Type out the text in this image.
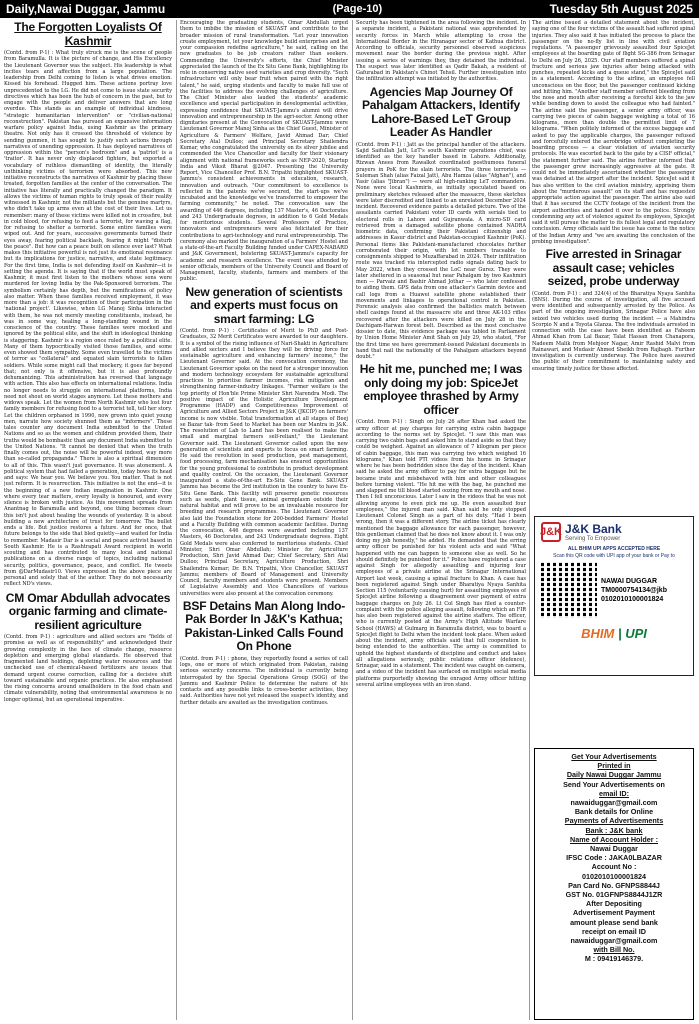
Daily,Nawai Duggar, Jammu	(Page-10)	Tuesday 5th August 2025
The Forgotten Loyalists Of Kashmir

(Contd. from P-1) : What truly struck me is the scene of people from Baramulla. It is the picture of change, and His Excellency the Lieutenant Governor was the subject. His leadership is what incites tears and affection from a large population. The leadership from Delhi coming to listen is what drives emotion. Kissed his forehead. Hugged him. These actions portray love unprecedented to the LG. He did not come to issue state security directives which has been the hub of concern in the past, but to engage with the people and deliver answers that are long overdue. This stands as an example of individual kindness, "strategic humanitarian intervention" or "civilian-national reconstruction". Pakistan has pursued an expansive information warfare policy against India, using Kashmir as the primary theatre. Not only has it crossed the threshold of violence by sending gunmen, it has sought to justify such actions through narratives of unending oppression. It has deployed narratives of oppression within the "person's bedroom" and a 'patriot' is a 'traitor'. It has never only displaced fighters, but exported a vocabulary of ruthless dismantling of identity, the literally unthinking victims of terrorism were absorbed. This new initiative reconstructs the narratives of Kashmir by placing these treated, forgotten families at the center of the conversation. The initiative has literally and practically changed the paradigm. It allows the victims of human rights to truly speak of their reality witnessed in Kashmir, not the militants but the genuine martyrs, who didn't take up arms even at the cost of their lives. Let us remember: many of these victims were killed not in crossfire, but in cold blood, for refusing to feed a terrorist, for waving a flag, for refusing to shelter a terrorist. Some entire families were wiped out. And for years, successive governments turned their eyes away, fearing political backlash, fearing it might "disturb the peace". But how can a peace built on silence ever last? What makes this initiative powerful is not just its emotional resonance but its implications for justice, narrative, and state legitimacy. For the first time, India is not defending itself on Kashmir—it is setting the agenda. It is saying that if the world must speak of Kashmir, it must first listen to the mothers whose sons were murdered for loving India by the Pak-Sponsored terrorism. The symbolism certainly has depth, but the ramifications of policy also matter. When these families received employment, it was more than a job: it was recognition of their participation in the 'national project'. Likewise, when LG Manoj Sinha interacted with them, he was not merely meeting constituents, instead, he was in some way, healing a long-standing wound in the conscience of the country. These families were mocked and ignored by the political elite, and the shift in ideological thinking is staggering. Kashmir is a region once ruled by a political elite. Many of them hypocritically visited those families, and some even showed them sympathy. Some even travelled to the victims of terror as "collateral" and equated slain terrorists to fallen soldiers. While some might call that mockery, it goes far beyond that; not only is it offensive, but it is also profoundly dehumanizing. This administration has reversed that language with action. This also has effects on international relations. India no longer needs to struggle on international platforms, India need not shout on world stages anymore. Let these mothers and widows speak. Let the women from North Kashmir who lost four family members for refusing food to a terrorist tell, tell her story. Let the children orphaned in 1990, now grown into quiet young men, narrate how society shunned them as "informers". These tales counter any document India submitted to the United Nations and so as the women and children provided them, their truths would be bombastic than any document India submitted to the United Nations. "It cannot be denied that when the truth finally comes out, the noise will be powerful indeed, way more than so-called propaganda." There is also a spiritual dimension to all of this. This wasn't just governance. It was atonement. A political system that had failed a generation, today bows its head and says: We hear you. We believe you. You matter. That is not just reform. It is resurrection. This initiative is not the end—it is the beginning of a new Indian imagination in Kashmir. One where every tear matters, every loyalty is honoured, and every silence is broken with justice. As this movement spreads from Anantnag to Baramulla and beyond, one thing becomes clear: this isn't just about healing the wounds of yesterday. It is about building a new architecture of trust for tomorrow. The bullet ends a life. But justice restores a future. And for once, that future belongs to the side that bled quietly—and waited for India to remember. Madasir Dar is a social and peace activist based in South Kashmir. He is a Rashtrapati Award recipient in world scouting and has contributed to many local and national publications on a diverse range of topics, including national security, politics, governance, peace, and conflict. He tweets from @DarMudasir10. Views expressed in the above piece are personal and solely that of the author. They do not necessarily reflect ND's views.

CM Omar Abdullah advocates organic farming and climate-resilient agriculture

(Contd. from P-1) : agriculture and allied sectors are "fields of promise as well as of responsibility" and acknowledged their growing complexity in the face of climate change, resource depletion and emerging global standards. He observed that fragmented land holdings, depleting water resources and the unchecked use of chemical-based fertilizers are issues that demand urgent course correction, calling for a decisive shift toward sustainable and organic practices. He also emphasised the rising concerns around smallholders in the food chain and climate vulnerability, noting that environmental awareness is no longer optional, but an operational imperative.

Encouraging the graduating students, Omar Abdullah urged them to imbibe the mission of SKUAST and contribute to the broader mission of rural transformation. "Let your innovation create employment, let your knowledge build enterprises and let your compassion redefine agriculture," he said, calling on the new graduates to be job creators rather than seekers. Commending the University's efforts, the Chief Minister appreciated the launch of the Ex Situ Gene Bank, highlighting its role in conserving native seed varieties and crop diversity. "Such infrastructure will only bear fruit when paired with the right talent," he said, urging students and faculty to make full use of the facilities to address the evolving challenges of agriculture. The Chief Minister also lauded the students' academic excellence and special participation in developmental activities, expressing confidence that SKUAST-Jammu's alumni will drive innovation and entrepreneurship in the agri-sector. Among other dignitaries present at the Convocation of SKUAST-Jammu were Lieutenant Governor Manoj Sinha as the Chief Guest, Minister of Agriculture & Farmers' Welfare, Javid Ahmad Dar; Chief Secretary Atal Dulloo; and Principal Secretary Shailendra Kumar, who congratulated the university on its silver jubilee and commended the Vice Chancellor and faculty for their visionary alignment with national frameworks such as NEP-2020, Startup India and Viksit Bharat @2047. Presenting the University Report, Vice Chancellor Prof. B.N. Tripathi highlighted SKUAST-Jammu's consistent achievements in education, research, innovation and outreach. "Our commitment to excellence is reflected in the patents we've secured, the start-ups we've incubated and the knowledge we've transferred to empower the farming community," he noted. The convocation saw the awarding of 446 degrees, including 137 Master's, 46 Doctorates and 243 Undergraduate degrees, in addition to 6 Gold Medals for meritorious students. Several Professors of Practice, innovators and entrepreneurs were also felicitated for their contributions to agri-technology and rural entrepreneurship. The ceremony also marked the inauguration of a Farmers' Hostel and a state-of-the-art Faculty Building funded under CAPEX-NABARD and J&K Government, bolstering SKUAST-Jammu's capacity for academic and research excellence. The event was attended by senior officials, members of the University Council and Board of Management, faculty, students, farmers and members of the public.

New generation of scientists and experts must focus on smart farming: LG

(Contd. from P-1) : Certificates of Merit to PhD and Post-Graduates, 32 Merit Certificates were awarded to our daughters. It is a symbol of the rising influence of Nari-Shakti in Agriculture and allied sectors and I believe they will be driving force for sustainable agriculture and enhancing farmers' income," the Lieutenant Governor said. At the convocation ceremony, the Lieutenant Governor spoke on the need for a stronger innovation and modern technology ecosystem for sustainable agricultural practices to prioritise farmer incomes, risk mitigation and strengthening farmer-industry linkages. "Farmer welfare is the top priority of Hon'ble Prime Minister Shri Narendra Modi. The positive impact of the Holistic Agriculture Development Programme (HADP) and Competitiveness Improvement of Agriculture and Allied Sectors Project in J&K (JKCIP) on farmers' income is now visible. Total transformation at all stages of Beej se Bazar tak- from Seed to Market has been our Mantra in J&K. The resolution of Lab to Land has been realised to make the small and marginal farmers self-reliant," the Lieutenant Governor said. The Lieutenant Governor called upon the new generation of scientists and experts to focus on smart farming. He said the revolution in seed production, pest management, food processing, farm mechanisation has ensured opportunities for the young professional to contribute in product development and quality control. On the occasion, the Lieutenant Governor inaugurated a state-of-the-art Ex-Situ Gene Bank. SKUAST Jammu has become the 3rd institution in the country to have Ex-Situ Gene Bank. This facility will preserve genetic resources such as seeds, plant tissue, animal germplasm outside their natural habitat and will prove to be an invaluable resource for breeding and research programmes. The Lieutenant Governor also laid the Foundation stone for 200-bedded Farmers' Hostel and a Faculty Building with common academic facilities. During the convocation, 446 degrees were awarded including 137 Masters, 46 Doctorates, and 243 Undergraduate degrees. Eight Gold Medals were also conferred to meritorious students. Chief Minister, Shri Omar Abdullah; Minister for Agriculture Production, Shri Javid Ahmad Dar; Chief Secretary, Shri Atal Dulloo; Principal Secretary, Agriculture Production, Shri Shailendra Kumar; Dr. B.N. Tripathi, Vice Chancellor, SKUAST Jammu; members of Board of Management and University Council, faculty members and students were present. Members of Legislative Assembly and Vice Chancellors of various universities were also present at the convocation ceremony.

BSF Detains Man Along Indo-Pak Border In J&K's Kathua; Pakistan-Linked Calls Found On Phone

(Contd. from P-1) : phone, they reportedly found a series of call logs, one or more of which originated from Pakistan, raising serious security concerns. The individual is currently being interrogated by the Special Operations Group (SOG) of the Jammu and Kashmir Police to determine the nature of his contacts and any possible links to cross-border activities, they said. Authorities have not yet released the suspect's identity, and further details are awaited as the investigation continues.

Security has been tightened in the area following the incident. In a separate incident, a Pakistani national was apprehended by security forces in March while attempting to cross the International Border in the Hiranagar sector of Kathua district. According to officials, security personnel observed suspicious movement near the border during the previous night. After issuing a series of warnings they, they detained the individual. The suspect was later identified as Qadir Bakah, a resident of Gafurabad in Pakistan's Chinot Tehsil. Further investigation into the infiltration attempt was initiated by the authorities.

Agencies Map Journey Of Pahalgam Attackers, Identify Lahore-Based LeT Group Leader As Handler

(Contd. from P-1) : Jatt as the principal handler of the attackers. Sajid Saifullah Jatt, LeT's south Kashmir operations chief, was identified as the key handler based in Lahore. Additionally, Rizwan Anees from Rawalkot coordinated posthumous funeral prayers in PoK for the slain terrorists. The three terrorists — Suleman Shah (alias Faizal Jatt), Abu Hamza (alias "Afghan"), and Yasir (alias "Jibran") — were all high-ranking LeT commanders. None were local Kashmiris, as initially speculated based on preliminary sketches released after the massacre, these sketches were later discredited and linked to an unrelated December 2024 incident. Recovered evidence paints a detailed picture. Two of the assailants carried Pakistani voter ID cards with serials tied to electoral rolls in Lahore and Gujranwala. A micro-SD card retrieved from a damaged satellite phone contained NADRA biometric data, confirming their Pakistani citizenship and addresses in Kasur district and Pakistan-occupied Kashmir (PoK). Personal items like Pakistani-manufactured chocolates further corroborated their origin, with lot numbers traceable to consignments shipped to Muzaffarabad in 2024. Their infiltration route was tracked via intercepted radio signals dating back to May 2022, when they crossed the LoC near Gurez. They were later sheltered in a seasonal hut near Pahalgam by two Kashmiri men — Parvaiz and Bashir Ahmad Jothar — who later confessed to aiding them. GPS data from one attacker's Garmin device and call logs from a Huawei satellite phone established their movements and linkages to operational control in Pakistan. Forensic analysis also confirmed the ballistics match between shell casings found at the massacre site and three AK-103 rifles recovered after the attackers were killed on July 28 in the Dachigam-Harwan forest belt. Described as the most conclusive dossier to date, this evidence package was tabled in Parliament by Union Home Minister Amit Shah on July 29, who stated, "For the first time we have government-issued Pakistani documents in hand that nail the nationality of the Pahalgam attackers beyond doubt."

He hit me, punched me; I was only doing my job: SpiceJet employee thrashed by Army officer

(Contd. from P-1) : Singh on July 26 after Khan had asked the army officer at pay charges for carrying extra cabin baggage according to the norms set by SpiceJet. "I saw this man was carrying two cabin bags and asked him to stand aside so that they could be weighed. Against an allowance of 7 kilogram per piece of cabin baggage, this man was carrying two which weighed 16 kilograms," Khan told PTI videos from his home in Srinagar where he has been bedridden since the day of the incident. Khan said he asked the army officer to pay for extra baggage but he became irate and misbehaved with him and other colleagues before turning violent. "He hit me with the bag, he punched me and slapped me till blood started oozing from my mouth and nose. Then I fell unconscious. Later I saw in the videos that he was not allowing anyone to even pick me up. He even assaulted four employees," the injured man said. Khan said he only stopped Lieutenant Colonel Singh as a part of his duty. "Had I been wrong, then it was a different story. The airline ticket has clearly mentioned the baggage allowance for each passenger, however, this gentleman claimed that he does not know about it. I was only doing my job honestly," he added. He demanded that the erring army officer be punished for his violent acts and said "What happened with me can happen to someone else as well. So he should definitely be punished for it." Police have registered a case against Singh for allegedly assaulting and injuring four employees of a private airline at the Srinagar International Airport last week, causing a spinal fracture to Khan. A case has been registered against Singh under Bharatiya Nyaya Sanhita Section 115 (voluntarily causing hurt) for assaulting employees of SpiceJet airline following a disagreement over payment of extra baggage charges on July 26. Lt Col Singh has filed a counter-complaint with the police alleging assault, following which an FIR has also been registered against the airline staffers. The officer, who is currently posted at the Army's High Altitude Warfare School (HAWS) at Gulmarg in Baramulla district, was to board a SpiceJet flight to Delhi when the incident took place. When asked about the incident, army officials said that full cooperation is being extended to the authorities. The army is committed to uphold the highest standards of discipline and conduct and takes all allegations seriously, public relations officer (defence), Srinagar, said in a statement. The incident was caught on camera, and a video of the incident has surfaced on multiple social media platforms purportedly showing the enraged Army officer hitting several airline employees with an iron stand.

The airline issued a detailed statement about the incident, saying one of the four victims of the assault had suffered spinal injuries. They also said it has initiated the process to place the passenger on the no-fly list in line with civil aviation regulations. "A passenger grievously assaulted four SpiceJet employees at the boarding gate of flight SG-386 from Srinagar to Delhi on July 26, 2025. Our staff members suffered a spinal fracture and serious jaw injuries after being attacked with punches, repeated kicks and a queue stand," the SpiceJet said in a statement. According to the airline, an employee fell unconscious on the floor, but the passenger continued kicking and hitting him. "Another staff member suffered bleeding from the nose and mouth after receiving a forceful kick to the jaw while bending down to assist the colleague who had fainted." The airline said the passenger, a senior army officer, was carrying two pieces of cabin baggage weighing a total of 16 kilograms, more than double the permitted limit of 7 kilograms. "When politely informed of the excess baggage and asked to pay the applicable charges, the passenger refused and forcefully entered the aerobridge without completing the boarding process — a clear violation of aviation security protocols. He was escorted back to the gate by a CISF official," the statement further said. The airline further informed that the passenger grew increasingly aggressive at the gate. It could not be immediately ascertained whether the passenger was detained at the airport after the incident. SpiceJet said it has also written to the civil aviation ministry, apprising them about the "murderous assault" on its staff and has requested appropriate action against the passenger. The airline also said that it has secured the CCTV footage of the incident from the airport authorities and handed it over to the police. Strongly condemning any act of violence against its employees, SpiceJet said it will pursue the matter to its fullest legal and regulatory conclusion. Army officials said the issue has come to the notice of the Indian Army and "we are awaiting the conclusion of the probing investigation".

Five arrested in Srinagar assault case; vehicles seized, probe underway

(Contd. from P-1) : and 324(4) of the Bharatiya Nyaya Sanhita (BNS). During the course of investigation, all five accused were identified and subsequently arrested by the Police. As part of the ongoing investigation, Srinagar Police have also seized two vehicles used during the incident — a Mahindra Scorpio N and a Toyota Glanza. The five individuals arrested in connection with the case have been identified as Faheem Ahmad Khan from Lal Bazar, Talat Hassan from Chanapora, Nadeem Malik from Mehjoor Nagar, Amir Rashid Malvi from Rainawari, and Mudasir Ahmed Sheikh from Rajbagh. Further investigation is currently underway. The Police have assured the public of their commitment to maintaining safety and ensuring timely justice for those affected.

J&K J&K Bank
Serving To Empower
ALL BHIM UPI APPS ACCEPTED HERE
Scan this QR code with UPI app of your bank or Pay to
NAWAI DUGGAR
TM0000754134@jkb
0102010100001824
BHIM | UPI
Get Your Advertisements
Printed in
Daily Nawai Duggar Jammu
Send Your Advertisements on
email ID:
nawaiduggar@gmail.com
Bank details for Online
Payments of Advertisements
Bank : J&K bank
Name of Account Holder :
Nawai Duggar
IFSC Code : JAKA0LBAZAR
Account No :
0102010100001824
Pan Card No. GFNPS8844J
GST No. 01GFNPS8844J1ZR
After Depositing
Advertisement Payment
amount please send bank
receipt on email ID
nawaiduggar@gmail.com
with Bill No.
M : 09419146379.
